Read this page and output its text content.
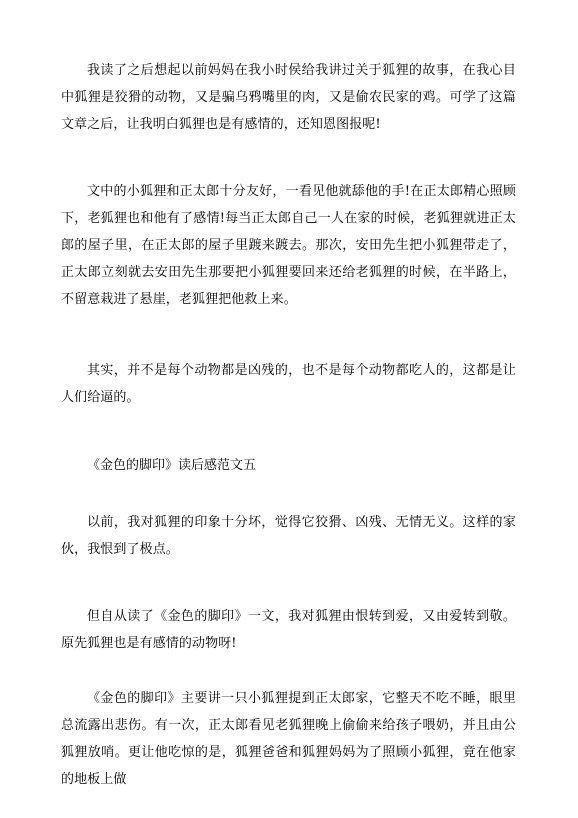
我读了之后想起以前妈妈在我小时侯给我讲过关于狐狸的故事，在我心目中狐狸是狡猾的动物，又是骗乌鸦嘴里的肉，又是偷农民家的鸡。可学了这篇文章之后，让我明白狐狸也是有感情的，还知恩图报呢!
文中的小狐狸和正太郎十分友好，一看见他就舔他的手!在正太郎精心照顾下，老狐狸也和他有了感情!每当正太郎自己一人在家的时候，老狐狸就进正太郎的屋子里，在正太郎的屋子里踱来踱去。那次，安田先生把小狐狸带走了，正太郎立刻就去安田先生那要把小狐狸要回来还给老狐狸的时候，在半路上，不留意栽进了悬崖，老狐狸把他救上来。
其实，并不是每个动物都是凶残的，也不是每个动物都吃人的，这都是让人们给逼的。
《金色的脚印》读后感范文五
以前，我对狐狸的印象十分坏，觉得它狡猾、凶残、无情无义。这样的家伙，我恨到了极点。
但自从读了《金色的脚印》一文，我对狐狸由恨转到爱，又由爱转到敬。原先狐狸也是有感情的动物呀!
《金色的脚印》主要讲一只小狐狸提到正太郎家，它整天不吃不睡，眼里总流露出悲伤。有一次，正太郎看见老狐狸晚上偷偷来给孩子喂奶，并且由公狐狸放哨。更让他吃惊的是，狐狸爸爸和狐狸妈妈为了照顾小狐狸，竟在他家的地板上做
